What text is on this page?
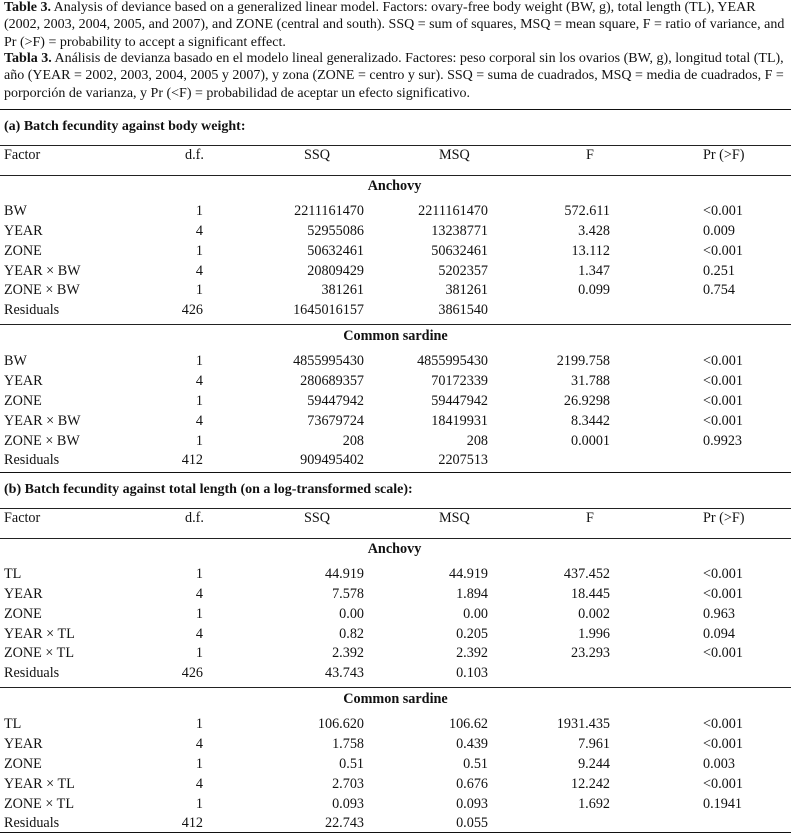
Table 3. Analysis of deviance based on a generalized linear model. Factors: ovary-free body weight (BW, g), total length (TL), YEAR (2002, 2003, 2004, 2005, and 2007), and ZONE (central and south). SSQ = sum of squares, MSQ = mean square, F = ratio of variance, and Pr (>F) = probability to accept a significant effect.
Tabla 3. Análisis de devianza basado en el modelo lineal generalizado. Factores: peso corporal sin los ovarios (BW, g), longitud total (TL), año (YEAR = 2002, 2003, 2004, 2005 y 2007), y zona (ZONE = centro y sur). SSQ = suma de cuadrados, MSQ = media de cuadrados, F = porporción de varianza, y Pr (<F) = probabilidad de aceptar un efecto significativo.
(a) Batch fecundity against body weight:
Factor	d.f.	SSQ	MSQ	F	Pr (>F)
Anchovy
BW	1	2211161470	2211161470	572.611	<0.001
YEAR	4	52955086	13238771	3.428	0.009
ZONE	1	50632461	50632461	13.112	<0.001
YEAR × BW	4	20809429	5202357	1.347	0.251
ZONE × BW	1	381261	381261	0.099	0.754
Residuals	426	1645016157	3861540
Common sardine
BW	1	4855995430	4855995430	2199.758	<0.001
YEAR	4	280689357	70172339	31.788	<0.001
ZONE	1	59447942	59447942	26.9298	<0.001
YEAR × BW	4	73679724	18419931	8.3442	<0.001
ZONE × BW	1	208	208	0.0001	0.9923
Residuals	412	909495402	2207513
(b) Batch fecundity against total length (on a log-transformed scale):
Factor	d.f.	SSQ	MSQ	F	Pr (>F)
Anchovy
TL	1	44.919	44.919	437.452	<0.001
YEAR	4	7.578	1.894	18.445	<0.001
ZONE	1	0.00	0.00	0.002	0.963
YEAR × TL	4	0.82	0.205	1.996	0.094
ZONE × TL	1	2.392	2.392	23.293	<0.001
Residuals	426	43.743	0.103
Common sardine
TL	1	106.620	106.62	1931.435	<0.001
YEAR	4	1.758	0.439	7.961	<0.001
ZONE	1	0.51	0.51	9.244	0.003
YEAR × TL	4	2.703	0.676	12.242	<0.001
ZONE × TL	1	0.093	0.093	1.692	0.1941
Residuals	412	22.743	0.055
